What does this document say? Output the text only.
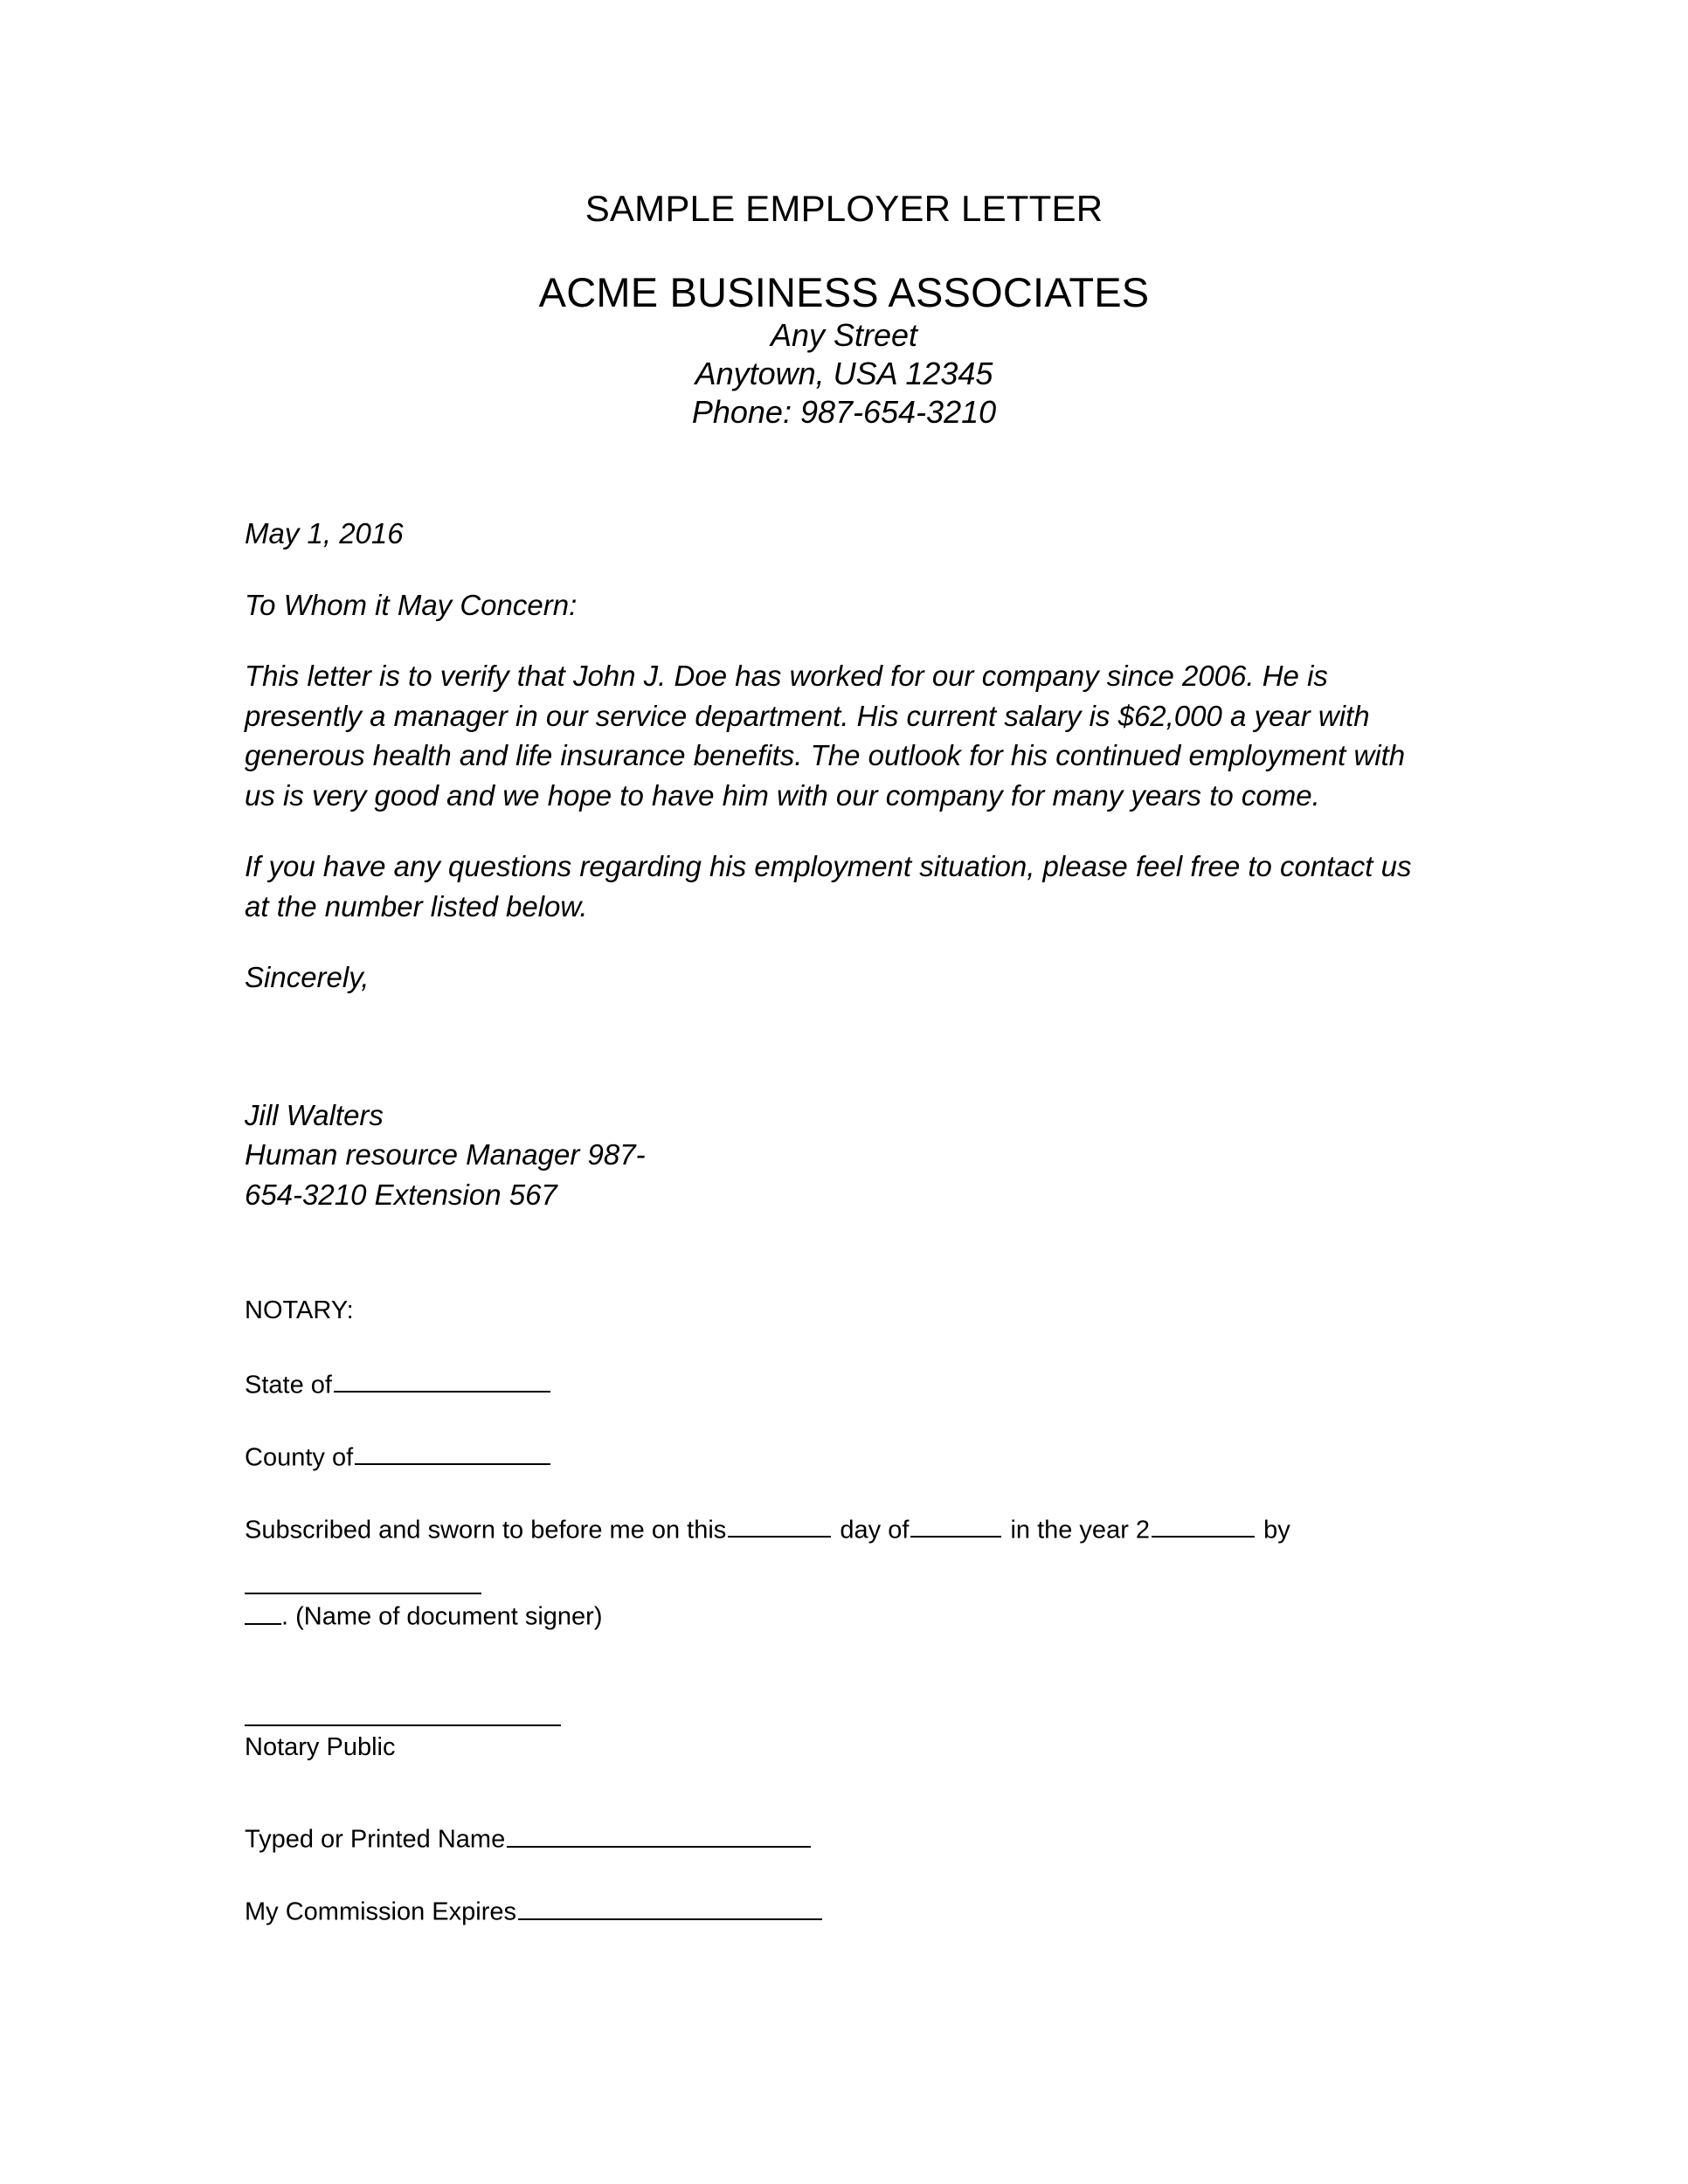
SAMPLE EMPLOYER LETTER
ACME BUSINESS ASSOCIATES
Any Street
Anytown, USA 12345
Phone: 987-654-3210

May 1, 2016

To Whom it May Concern:

This letter is to verify that John J. Doe has worked for our company since 2006. He is presently a manager in our service department. His current salary is $62,000 a year with generous health and life insurance benefits. The outlook for his continued employment with us is very good and we hope to have him with our company for many years to come.

If you have any questions regarding his employment situation, please feel free to contact us at the number listed below.

Sincerely,

Jill Walters
Human resource Manager 987-
654-3210 Extension 567
NOTARY:
State of
County of
Subscribed and sworn to before me on this	day of	in the year 2	by
. (Name of document signer)
Notary Public
Typed or Printed Name
My Commission Expires
